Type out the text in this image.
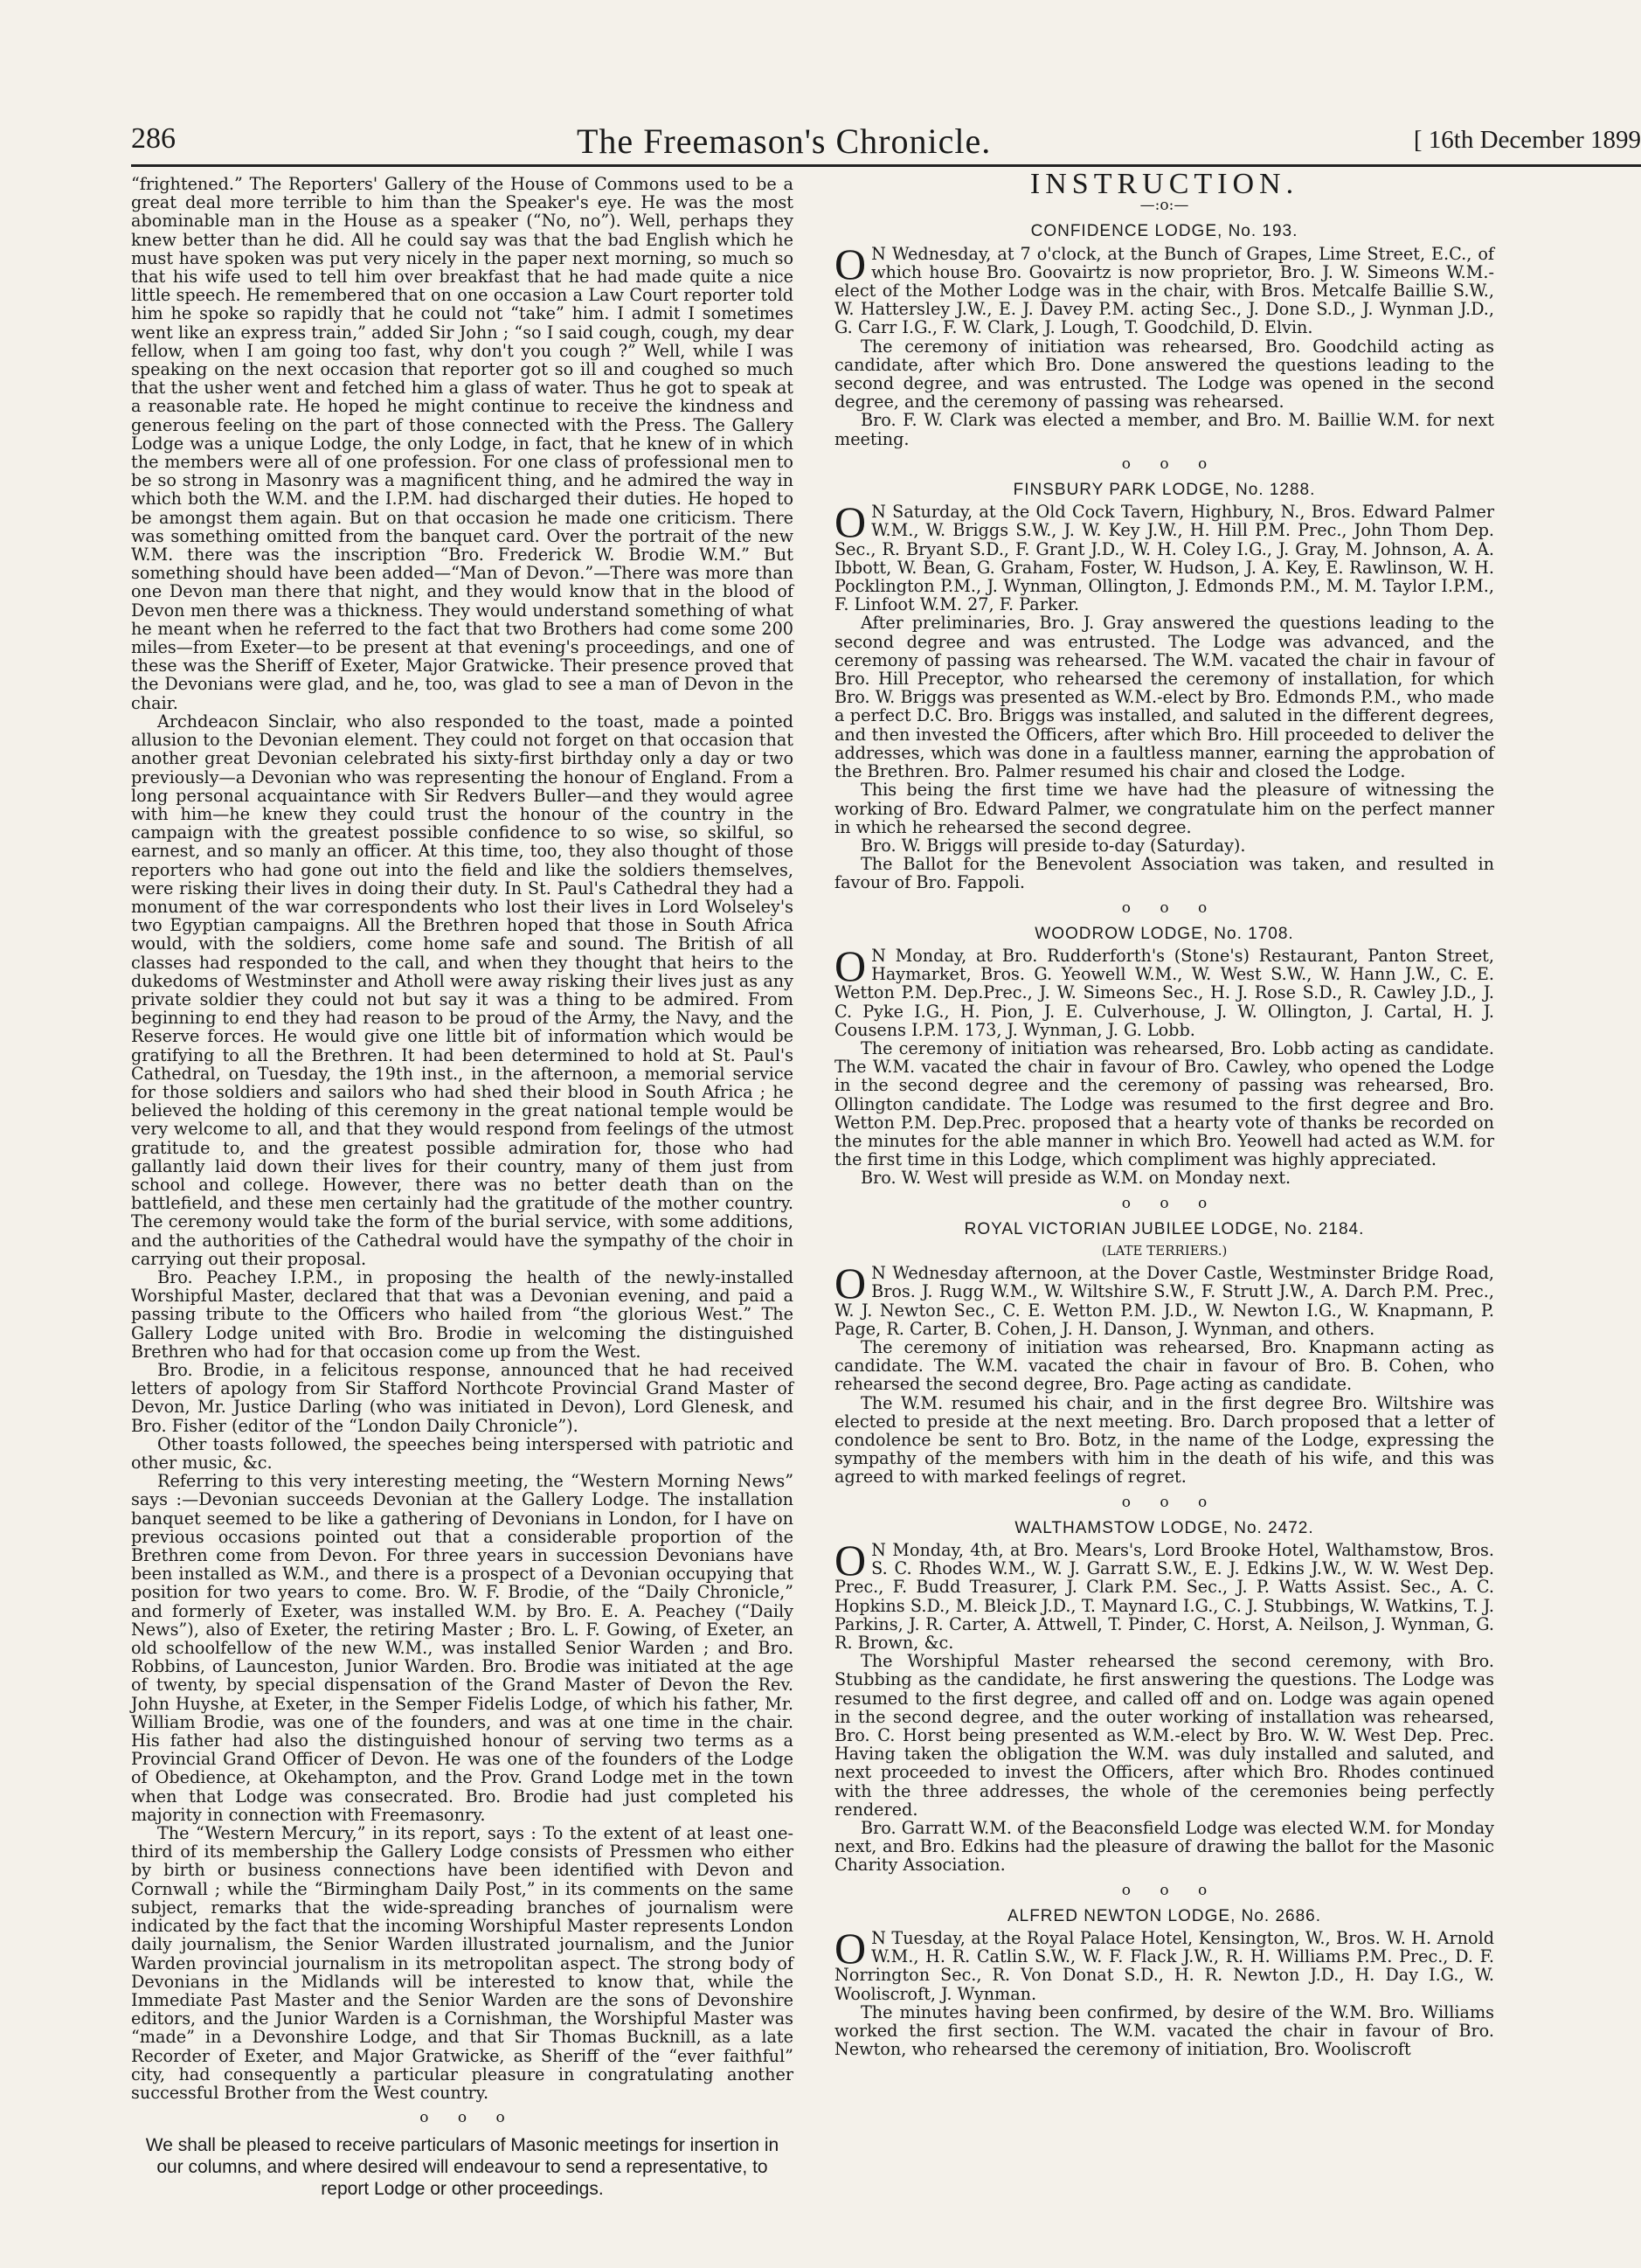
286	The Freemason's Chronicle.	[ 16th December 1899

“frightened.” The Reporters' Gallery of the House of Commons used to be a great deal more terrible to him than the Speaker's eye. He was the most abominable man in the House as a speaker (“No, no”). Well, perhaps they knew better than he did. All he could say was that the bad English which he must have spoken was put very nicely in the paper next morning, so much so that his wife used to tell him over breakfast that he had made quite a nice little speech. He remembered that on one occasion a Law Court reporter told him he spoke so rapidly that he could not “take” him. I admit I sometimes went like an express train,” added Sir John ; “so I said cough, cough, my dear fellow, when I am going too fast, why don't you cough ?” Well, while I was speaking on the next occasion that reporter got so ill and coughed so much that the usher went and fetched him a glass of water. Thus he got to speak at a reasonable rate. He hoped he might continue to receive the kindness and generous feeling on the part of those connected with the Press. The Gallery Lodge was a unique Lodge, the only Lodge, in fact, that he knew of in which the members were all of one profession. For one class of professional men to be so strong in Masonry was a magnificent thing, and he admired the way in which both the W.M. and the I.P.M. had discharged their duties. He hoped to be amongst them again. But on that occasion he made one criticism. There was something omitted from the banquet card. Over the portrait of the new W.M. there was the inscription “Bro. Frederick W. Brodie W.M.” But something should have been added—“Man of Devon.”—There was more than one Devon man there that night, and they would know that in the blood of Devon men there was a thickness. They would understand something of what he meant when he referred to the fact that two Brothers had come some 200 miles—from Exeter—to be present at that evening's proceedings, and one of these was the Sheriff of Exeter, Major Gratwicke. Their presence proved that the Devonians were glad, and he, too, was glad to see a man of Devon in the chair.

Archdeacon Sinclair, who also responded to the toast, made a pointed allusion to the Devonian element. They could not forget on that occasion that another great Devonian celebrated his sixty-first birthday only a day or two previously—a Devonian who was representing the honour of England. From a long personal acquaintance with Sir Redvers Buller—and they would agree with him—he knew they could trust the honour of the country in the campaign with the greatest possible confidence to so wise, so skilful, so earnest, and so manly an officer. At this time, too, they also thought of those reporters who had gone out into the field and like the soldiers themselves, were risking their lives in doing their duty. In St. Paul's Cathedral they had a monument of the war correspondents who lost their lives in Lord Wolseley's two Egyptian campaigns. All the Brethren hoped that those in South Africa would, with the soldiers, come home safe and sound. The British of all classes had responded to the call, and when they thought that heirs to the dukedoms of Westminster and Atholl were away risking their lives just as any private soldier they could not but say it was a thing to be admired. From beginning to end they had reason to be proud of the Army, the Navy, and the Reserve forces. He would give one little bit of information which would be gratifying to all the Brethren. It had been determined to hold at St. Paul's Cathedral, on Tuesday, the 19th inst., in the afternoon, a memorial service for those soldiers and sailors who had shed their blood in South Africa ; he believed the holding of this ceremony in the great national temple would be very welcome to all, and that they would respond from feelings of the utmost gratitude to, and the greatest possible admiration for, those who had gallantly laid down their lives for their country, many of them just from school and college. However, there was no better death than on the battlefield, and these men certainly had the gratitude of the mother country. The ceremony would take the form of the burial service, with some additions, and the authorities of the Cathedral would have the sympathy of the choir in carrying out their proposal.

Bro. Peachey I.P.M., in proposing the health of the newly-installed Worshipful Master, declared that that was a Devonian evening, and paid a passing tribute to the Officers who hailed from “the glorious West.” The Gallery Lodge united with Bro. Brodie in welcoming the distinguished Brethren who had for that occasion come up from the West.

Bro. Brodie, in a felicitous response, announced that he had received letters of apology from Sir Stafford Northcote Provincial Grand Master of Devon, Mr. Justice Darling (who was initiated in Devon), Lord Glenesk, and Bro. Fisher (editor of the “London Daily Chronicle”).

Other toasts followed, the speeches being interspersed with patriotic and other music, &c.

Referring to this very interesting meeting, the “Western Morning News” says :—Devonian succeeds Devonian at the Gallery Lodge. The installation banquet seemed to be like a gathering of Devonians in London, for I have on previous occasions pointed out that a considerable proportion of the Brethren come from Devon. For three years in succession Devonians have been installed as W.M., and there is a prospect of a Devonian occupying that position for two years to come. Bro. W. F. Brodie, of the “Daily Chronicle,” and formerly of Exeter, was installed W.M. by Bro. E. A. Peachey (“Daily News”), also of Exeter, the retiring Master ; Bro. L. F. Gowing, of Exeter, an old schoolfellow of the new W.M., was installed Senior Warden ; and Bro. Robbins, of Launceston, Junior Warden. Bro. Brodie was initiated at the age of twenty, by special dispensation of the Grand Master of Devon the Rev. John Huyshe, at Exeter, in the Semper Fidelis Lodge, of which his father, Mr. William Brodie, was one of the founders, and was at one time in the chair. His father had also the distinguished honour of serving two terms as a Provincial Grand Officer of Devon. He was one of the founders of the Lodge of Obedience, at Okehampton, and the Prov. Grand Lodge met in the town when that Lodge was consecrated. Bro. Brodie had just completed his majority in connection with Freemasonry.

The “Western Mercury,” in its report, says : To the extent of at least one-third of its membership the Gallery Lodge consists of Pressmen who either by birth or business connections have been identified with Devon and Cornwall ; while the “Birmingham Daily Post,” in its comments on the same subject, remarks that the wide-spreading branches of journalism were indicated by the fact that the incoming Worshipful Master represents London daily journalism, the Senior Warden illustrated journalism, and the Junior Warden provincial journalism in its metropolitan aspect. The strong body of Devonians in the Midlands will be interested to know that, while the Immediate Past Master and the Senior Warden are the sons of Devonshire editors, and the Junior Warden is a Cornishman, the Worshipful Master was “made” in a Devonshire Lodge, and that Sir Thomas Bucknill, as a late Recorder of Exeter, and Major Gratwicke, as Sheriff of the “ever faithful” city, had consequently a particular pleasure in congratulating another successful Brother from the West country.

o o o
We shall be pleased to receive particulars of Masonic meetings for insertion in our columns, and where desired will endeavour to send a representative, to report Lodge or other proceedings.
INSTRUCTION.
—:o:—
CONFIDENCE LODGE, No. 193.

O N Wednesday, at 7 o'clock, at the Bunch of Grapes, Lime Street, E.C., of which house Bro. Goovairtz is now proprietor, Bro. J. W. Simeons W.M.-elect of the Mother Lodge was in the chair, with Bros. Metcalfe Baillie S.W., W. Hattersley J.W., E. J. Davey P.M. acting Sec., J. Done S.D., J. Wynman J.D., G. Carr I.G., F. W. Clark, J. Lough, T. Goodchild, D. Elvin.

The ceremony of initiation was rehearsed, Bro. Goodchild acting as candidate, after which Bro. Done answered the questions leading to the second degree, and was entrusted. The Lodge was opened in the second degree, and the ceremony of passing was rehearsed.

Bro. F. W. Clark was elected a member, and Bro. M. Baillie W.M. for next meeting.

o o o
FINSBURY PARK LODGE, No. 1288.

O N Saturday, at the Old Cock Tavern, Highbury, N., Bros. Edward Palmer W.M., W. Briggs S.W., J. W. Key J.W., H. Hill P.M. Prec., John Thom Dep. Sec., R. Bryant S.D., F. Grant J.D., W. H. Coley I.G., J. Gray, M. Johnson, A. A. Ibbott, W. Bean, G. Graham, Foster, W. Hudson, J. A. Key, E. Rawlinson, W. H. Pocklington P.M., J. Wynman, Ollington, J. Edmonds P.M., M. M. Taylor I.P.M., F. Linfoot W.M. 27, F. Parker.

After preliminaries, Bro. J. Gray answered the questions leading to the second degree and was entrusted. The Lodge was advanced, and the ceremony of passing was rehearsed. The W.M. vacated the chair in favour of Bro. Hill Preceptor, who rehearsed the ceremony of installation, for which Bro. W. Briggs was presented as W.M.-elect by Bro. Edmonds P.M., who made a perfect D.C. Bro. Briggs was installed, and saluted in the different degrees, and then invested the Officers, after which Bro. Hill proceeded to deliver the addresses, which was done in a faultless manner, earning the approbation of the Brethren. Bro. Palmer resumed his chair and closed the Lodge.

This being the first time we have had the pleasure of witnessing the working of Bro. Edward Palmer, we congratulate him on the perfect manner in which he rehearsed the second degree.

Bro. W. Briggs will preside to-day (Saturday).

The Ballot for the Benevolent Association was taken, and resulted in favour of Bro. Fappoli.

o o o
WOODROW LODGE, No. 1708.

O N Monday, at Bro. Rudderforth's (Stone's) Restaurant, Panton Street, Haymarket, Bros. G. Yeowell W.M., W. West S.W., W. Hann J.W., C. E. Wetton P.M. Dep.Prec., J. W. Simeons Sec., H. J. Rose S.D., R. Cawley J.D., J. C. Pyke I.G., H. Pion, J. E. Culverhouse, J. W. Ollington, J. Cartal, H. J. Cousens I.P.M. 173, J. Wynman, J. G. Lobb.

The ceremony of initiation was rehearsed, Bro. Lobb acting as candidate. The W.M. vacated the chair in favour of Bro. Cawley, who opened the Lodge in the second degree and the ceremony of passing was rehearsed, Bro. Ollington candidate. The Lodge was resumed to the first degree and Bro. Wetton P.M. Dep.Prec. proposed that a hearty vote of thanks be recorded on the minutes for the able manner in which Bro. Yeowell had acted as W.M. for the first time in this Lodge, which compliment was highly appreciated.

Bro. W. West will preside as W.M. on Monday next.

o o o
ROYAL VICTORIAN JUBILEE LODGE, No. 2184.
(LATE TERRIERS.)

O N Wednesday afternoon, at the Dover Castle, Westminster Bridge Road, Bros. J. Rugg W.M., W. Wiltshire S.W., F. Strutt J.W., A. Darch P.M. Prec., W. J. Newton Sec., C. E. Wetton P.M. J.D., W. Newton I.G., W. Knapmann, P. Page, R. Carter, B. Cohen, J. H. Danson, J. Wynman, and others.

The ceremony of initiation was rehearsed, Bro. Knapmann acting as candidate. The W.M. vacated the chair in favour of Bro. B. Cohen, who rehearsed the second degree, Bro. Page acting as candidate.

The W.M. resumed his chair, and in the first degree Bro. Wiltshire was elected to preside at the next meeting. Bro. Darch proposed that a letter of condolence be sent to Bro. Botz, in the name of the Lodge, expressing the sympathy of the members with him in the death of his wife, and this was agreed to with marked feelings of regret.

o o o
WALTHAMSTOW LODGE, No. 2472.

O N Monday, 4th, at Bro. Mears's, Lord Brooke Hotel, Walthamstow, Bros. S. C. Rhodes W.M., W. J. Garratt S.W., E. J. Edkins J.W., W. W. West Dep. Prec., F. Budd Treasurer, J. Clark P.M. Sec., J. P. Watts Assist. Sec., A. C. Hopkins S.D., M. Bleick J.D., T. Maynard I.G., C. J. Stubbings, W. Watkins, T. J. Parkins, J. R. Carter, A. Attwell, T. Pinder, C. Horst, A. Neilson, J. Wynman, G. R. Brown, &c.

The Worshipful Master rehearsed the second ceremony, with Bro. Stubbing as the candidate, he first answering the questions. The Lodge was resumed to the first degree, and called off and on. Lodge was again opened in the second degree, and the outer working of installation was rehearsed, Bro. C. Horst being presented as W.M.-elect by Bro. W. W. West Dep. Prec. Having taken the obligation the W.M. was duly installed and saluted, and next proceeded to invest the Officers, after which Bro. Rhodes continued with the three addresses, the whole of the ceremonies being perfectly rendered.

Bro. Garratt W.M. of the Beaconsfield Lodge was elected W.M. for Monday next, and Bro. Edkins had the pleasure of drawing the ballot for the Masonic Charity Association.

o o o
ALFRED NEWTON LODGE, No. 2686.

O N Tuesday, at the Royal Palace Hotel, Kensington, W., Bros. W. H. Arnold W.M., H. R. Catlin S.W., W. F. Flack J.W., R. H. Williams P.M. Prec., D. F. Norrington Sec., R. Von Donat S.D., H. R. Newton J.D., H. Day I.G., W. Wooliscroft, J. Wynman.

The minutes having been confirmed, by desire of the W.M. Bro. Williams worked the first section. The W.M. vacated the chair in favour of Bro. Newton, who rehearsed the ceremony of initiation, Bro. Wooliscroft
